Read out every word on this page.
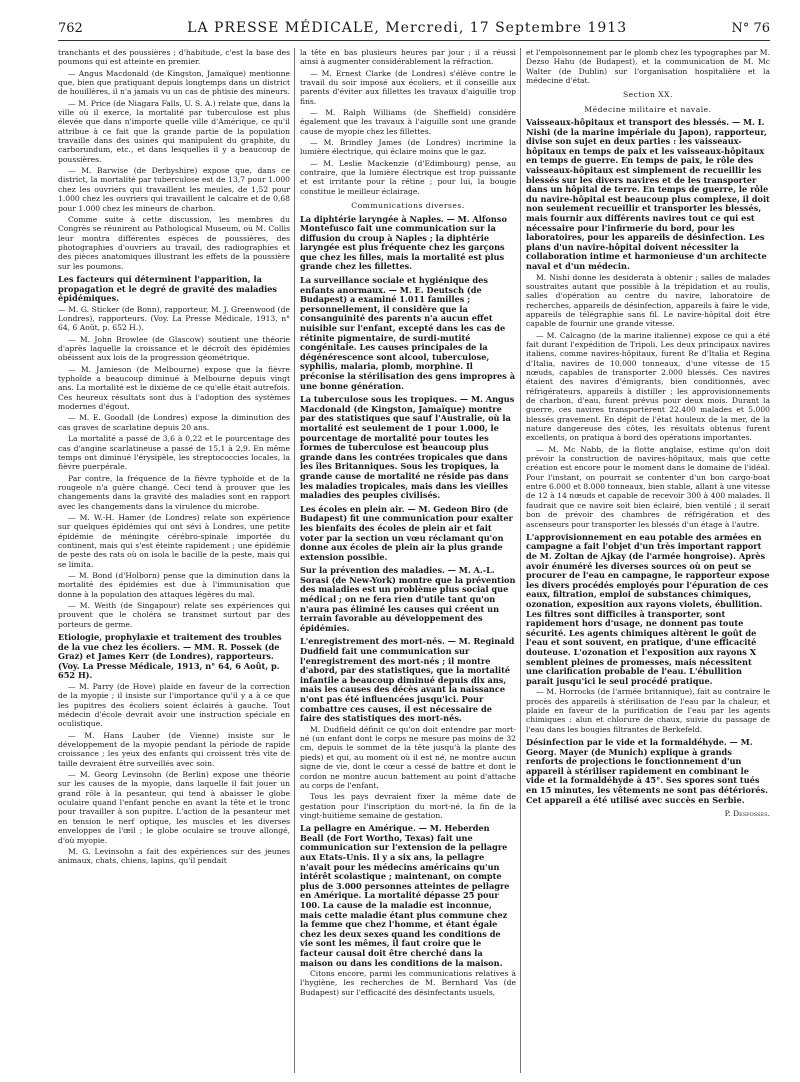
762	LA PRESSE MÉDICALE, Mercredi, 17 Septembre 1913	N° 76

tranchants et des poussières ; d'habitude, c'est la base des poumons qui est atteinte en premier.

— Angus Macdonald (de Kingston, Jamaïque) mentionne que, bien que pratiquant depuis longtemps dans un district de houillères, il n'a jamais vu un cas de phtisie des mineurs.

— M. Price (de Niagara Falls, U. S. A.) relate que, dans la ville où il exerce, la mortalité par tuberculose est plus élevée que dans n'importe quelle ville d'Amérique, ce qu'il attribue à ce fait que la grande partie de la population travaille dans des usines qui manipulent du graphite, du carborundum, etc., et dans lesquelles il y a beaucoup de poussières.

— M. Barwise (de Derbyshire) expose que, dans ce district, la mortalité par tuberculose est de 13,7 pour 1.000 chez les ouvriers qui travaillent les meules, de 1,52 pour 1.000 chez les ouvriers qui travaillent le calcaire et de 0,68 pour 1.000 chez les mineurs de charbon.

Comme suite à cette discussion, les membres du Congrès se réunirent au Pathological Museum, où M. Collis leur montra différentes espèces de poussières, des photographies d'ouvriers au travail, des radiographies et des pièces anatomiques illustrant les effets de la poussière sur les poumons.

Les facteurs qui déterminent l'apparition, la propagation et le degré de gravité des maladies épidémiques.

— M. G. Sticker (de Bonn), rapporteur, M. J. Greenwood (de Londres), rapporteurs. (Voy. La Presse Médicale, 1913, n° 64, 6 Août, p. 652 H.).

— M. John Browlee (de Glascow) soutient une théorie d'après laquelle la croissance et le décroît des épidémies obéissent aux lois de la progression géométrique.

— M. Jamieson (de Melbourne) expose que la fièvre typhoïde a beaucoup diminué à Melbourne depuis vingt ans. La mortalité est le dixième de ce qu'elle était autrefois. Ces heureux résultats sont dus à l'adoption des systèmes modernes d'égout.

— M. E. Goodall (de Londres) expose la diminution des cas graves de scarlatine depuis 20 ans.

La mortalité a passé de 3,6 à 0,22 et le pourcentage des cas d'angine scarlatineuse a passé de 15,1 à 2,9. En même temps ont diminué l'érysipèle, les streptococcies locales, la fièvre puerpérale.

Par contre, la fréquence de la fièvre typhoïde et de la rougeole n'a guère changé. Ceci tend à prouver que les changements dans la gravité des maladies sont en rapport avec les changements dans la virulence du microbe.

— M. W.-H. Hamer (de Londres) relate son expérience sur quelques épidémies qui ont sévi à Londres, une petite épidémie de méningite cérébro-spinale importée du continent, mais qui s'est éteinte rapidement ; une épidémie de peste des rats où on isola le bacille de la peste, mais qui se limita.

— M. Bond (d'Holborn) pense que la diminution dans la mortalité des épidémies est due à l'immunisation que donne à la population des attaques légères du mal.

— M. Weith (de Singapour) relate ses expériences qui prouvent que le choléra se transmet surtout par des porteurs de germe.

Etiologie, prophylaxie et traitement des troubles de la vue chez les écoliers. — MM. R. Possek (de Graz) et James Kerr (de Londres), rapporteurs. (Voy. La Presse Médicale, 1913, n° 64, 6 Août, p. 652 H).

— M. Parry (de Hove) plaide en faveur de la correction de la myopie ; il insiste sur l'importance qu'il y a à ce que les pupitres des écoliers soient éclairés à gauche. Tout médecin d'école devrait avoir une instruction spéciale en oculistique.

— M. Hans Lauber (de Vienne) insiste sur le développement de la myopie pendant la période de rapide croissance ; les yeux des enfants qui croissent très vite de taille devraient être surveillés avec soin.

— M. Georg Levinsohn (de Berlin) expose une théorie sur les causes de la myopie, dans laquelle il fait jouer un grand rôle à la pesanteur, qui tend à abaisser le globe oculaire quand l'enfant penche en avant la tête et le tronc pour travailler à son pupitre. L'action de la pesanteur met en tension le nerf optique, les muscles et les diverses enveloppes de l'œil ; le globe oculaire se trouve allongé, d'où myopie.

M. G. Levinsohn a fait des expériences sur des jeunes animaux, chats, chiens, lapins, qu'il pendait

la tête en bas plusieurs heures par jour ; il a réussi ainsi à augmenter considérablement la réfraction.

— M. Ernest Clarke (de Londres) s'élève contre le travail du soir imposé aux écoliers, et il conseille aux parents d'éviter aux fillettes les travaux d'aiguille trop fins.

— M. Ralph Williams (de Sheffield) considère également que les travaux à l'aiguille sont une grande cause de myopie chez les fillettes.

— M. Brindley James (de Londres) incrimine la lumière électrique, qui éclaire moins que le gaz.

— M. Leslie Mackenzie (d'Edimbourg) pense, au contraire, que la lumière électrique est trop puissante et est irritante pour la rétine ; pour lui, la bougie constitue le meilleur éclairage.

Communications diverses.

La diphtérie laryngée à Naples. — M. Alfonso Montefusco fait une communication sur la diffusion du croup à Naples ; la diphtérie laryngée est plus fréquente chez les garçons que chez les filles, mais la mortalité est plus grande chez les fillettes.
La surveillance sociale et hygiénique des enfants anormaux. — M. E. Deutsch (de Budapest) a examiné 1.011 familles ; personnellement, il considère que la consanguinité des parents n'a aucun effet nuisible sur l'enfant, excepté dans les cas de rétinite pigmentaire, de surdi-mutité congénitale. Les causes principales de la dégénérescence sont alcool, tuberculose, syphilis, malaria, plomb, morphine. Il préconise la stérilisation des gens impropres à une bonne génération.
La tuberculose sous les tropiques. — M. Angus Macdonald (de Kingston, Jamaïque) montre par des statistiques que sauf l'Australie, où la mortalité est seulement de 1 pour 1.000, le pourcentage de mortalité pour toutes les formes de tuberculose est beaucoup plus grande dans les contrées tropicales que dans les îles Britanniques. Sous les tropiques, la grande cause de mortalité ne réside pas dans les maladies tropicales, mais dans les vieilles maladies des peuples civilisés.
Les écoles en plein air. — M. Gedeon Biro (de Budapest) fit une communication pour exalter les bienfaits des écoles de plein air et fait voter par la section un vœu réclamant qu'on donne aux écoles de plein air la plus grande extension possible.
Sur la prévention des maladies. — M. A.-L. Sorasi (de New-York) montre que la prévention des maladies est un problème plus social que médical ; on ne fera rien d'utile tant qu'on n'aura pas éliminé les causes qui créent un terrain favorable au développement des épidémies.
L'enregistrement des mort-nés. — M. Reginald Dudfield fait une communication sur l'enregistrement des mort-nés ; il montre d'abord, par des statistiques, que la mortalité infantile a beaucoup diminué depuis dix ans, mais les causes des décès avant la naissance n'ont pas été influencées jusqu'ici. Pour combattre ces causes, il est nécessaire de faire des statistiques des mort-nés.

M. Dudfield définit ce qu'on doit entendre par mort-né (un enfant dont le corps ne mesure pas moins de 32 cm, depuis le sommet de la tête jusqu'à la plante des pieds) et qui, au moment où il est né, ne montre aucun signe de vie, dont le cœur a cessé de battre et dont le cordon ne montre aucun battement au point d'attache au corps de l'enfant.

Tous les pays devraient fixer la même date de gestation pour l'inscription du mort-né, la fin de la vingt-huitième semaine de gestation.

La pellagre en Amérique. — M. Heberden Beall (de Fort Wortho, Texas) fait une communication sur l'extension de la pellagre aux Etats-Unis. Il y a six ans, la pellagre n'avait pour les médecins américains qu'un intérêt scolastique ; maintenant, on compte plus de 3.000 personnes atteintes de pellagre en Amérique. La mortalité dépasse 25 pour 100. La cause de la maladie est inconnue, mais cette maladie étant plus commune chez la femme que chez l'homme, et étant égale chez les deux sexes quand les conditions de vie sont les mêmes, il faut croire que le facteur causal doit être cherché dans la maison ou dans les conditions de la maison.

Citons encore, parmi les communications relatives à l'hygiène, les recherches de M. Bernhard Vas (de Budapest) sur l'efficacité des désinfectants usuels,

et l'empoisonnement par le plomb chez les typographes par M. Dezso Hahu (de Budapest), et la communication de M. Mc Walter (de Dublin) sur l'organisation hospitalière et la médecine d'état.

Section XX.

Médecine militaire et navale.

Vaisseaux-hôpitaux et transport des blessés. — M. I. Nishi (de la marine impériale du Japon), rapporteur, divise son sujet en deux parties : les vaisseaux-hôpitaux en temps de paix et les vaisseaux-hôpitaux en temps de guerre. En temps de paix, le rôle des vaisseaux-hôpitaux est simplement de recueillir les blessés sur les divers navires et de les transporter dans un hôpital de terre. En temps de guerre, le rôle du navire-hôpital est beaucoup plus complexe, il doit non seulement recueillir et transporter les blessés, mais fournir aux différents navires tout ce qui est nécessaire pour l'infirmerie du bord, pour les laboratoires, pour les appareils de désinfection. Les plans d'un navire-hôpital doivent nécessiter la collaboration intime et harmonieuse d'un architecte naval et d'un médecin.

M. Nishi donne les desiderata à obtenir ; salles de malades soustraites autant que possible à la trépidation et au roulis, salles d'opération au centre du navire, laboratoire de recherches, appareils de désinfection, appareils à faire le vide, appareils de télégraphie sans fil. Le navire-hôpital doit être capable de fournir une grande vitesse.

— M. Calcagno (de la marine italienne) expose ce qui a été fait durant l'expédition de Tripoli. Les deux principaux navires italiens, comme navires-hôpitaux, furent Re d'Italia et Regina d'Italia, navires de 10.000 tonneaux, d'une vitesse de 15 nœuds, capables de transporter 2.000 blessés. Ces navires étaient des navires d'émigrants, bien conditionnés, avec réfrigérateurs, appareils à distiller ; les approvisionnements de charbon, d'eau, furent prévus pour deux mois. Durant la guerre, ces navires transportèrent 22.400 malades et 5.000 blessés gravement. En dépit de l'état houleux de la mer, de la nature dangereuse des côtes, les résultats obtenus furent excellents, on pratiqua à bord des opérations importantes.

— M. Mc Nabb, de la flotte anglaise, estime qu'on doit prévoir la construction de navires-hôpitaux, mais que cette création est encore pour le moment dans le domaine de l'idéal. Pour l'instant, on pourrait se contenter d'un bon cargo-boat entre 6.000 et 8.000 tonneaux, bien stable, allant à une vitesse de 12 à 14 nœuds et capable de recevoir 300 à 400 malades. Il faudrait que ce navire soit bien éclairé, bien ventilé ; il serait bon de prévoir des chambres de réfrigération et des ascenseurs pour transporter les blessés d'un étage à l'autre.

L'approvisionnement en eau potable des armées en campagne a fait l'objet d'un très important rapport de M. Zoltan de Ajkay (de l'armée hongroise). Après avoir énuméré les diverses sources où on peut se procurer de l'eau en campagne, le rapporteur expose les divers procédés employés pour l'épuration de ces eaux, filtration, emploi de substances chimiques, ozonation, exposition aux rayons violets, ébullition. Les filtres sont difficiles à transporter, sont rapidement hors d'usage, ne donnent pas toute sécurité. Les agents chimiques altèrent le goût de l'eau et sont souvent, en pratique, d'une efficacité douteuse. L'ozonation et l'exposition aux rayons X semblent pleines de promesses, mais nécessitent une clarification probable de l'eau. L'ébullition paraît jusqu'ici le seul procédé pratique.

— M. Horrocks (de l'armée britannique), fait au contraire le procès des appareils à stérilisation de l'eau par la chaleur, et plaide en faveur de la purification de l'eau par les agents chimiques : alun et chlorure de chaux, suivie du passage de l'eau dans les bougies filtrantes de Berkefeld.

Désinfection par le vide et la formaldéhyde. — M. Georg. Mayer (de Munich) explique à grands renforts de projections le fonctionnement d'un appareil à stériliser rapidement en combinant le vide et la formaldéhyde à 45°. Ses spores sont tués en 15 minutes, les vêtements ne sont pas détériorés. Cet appareil a été utilisé avec succès en Serbie.

P. Desfosses.
